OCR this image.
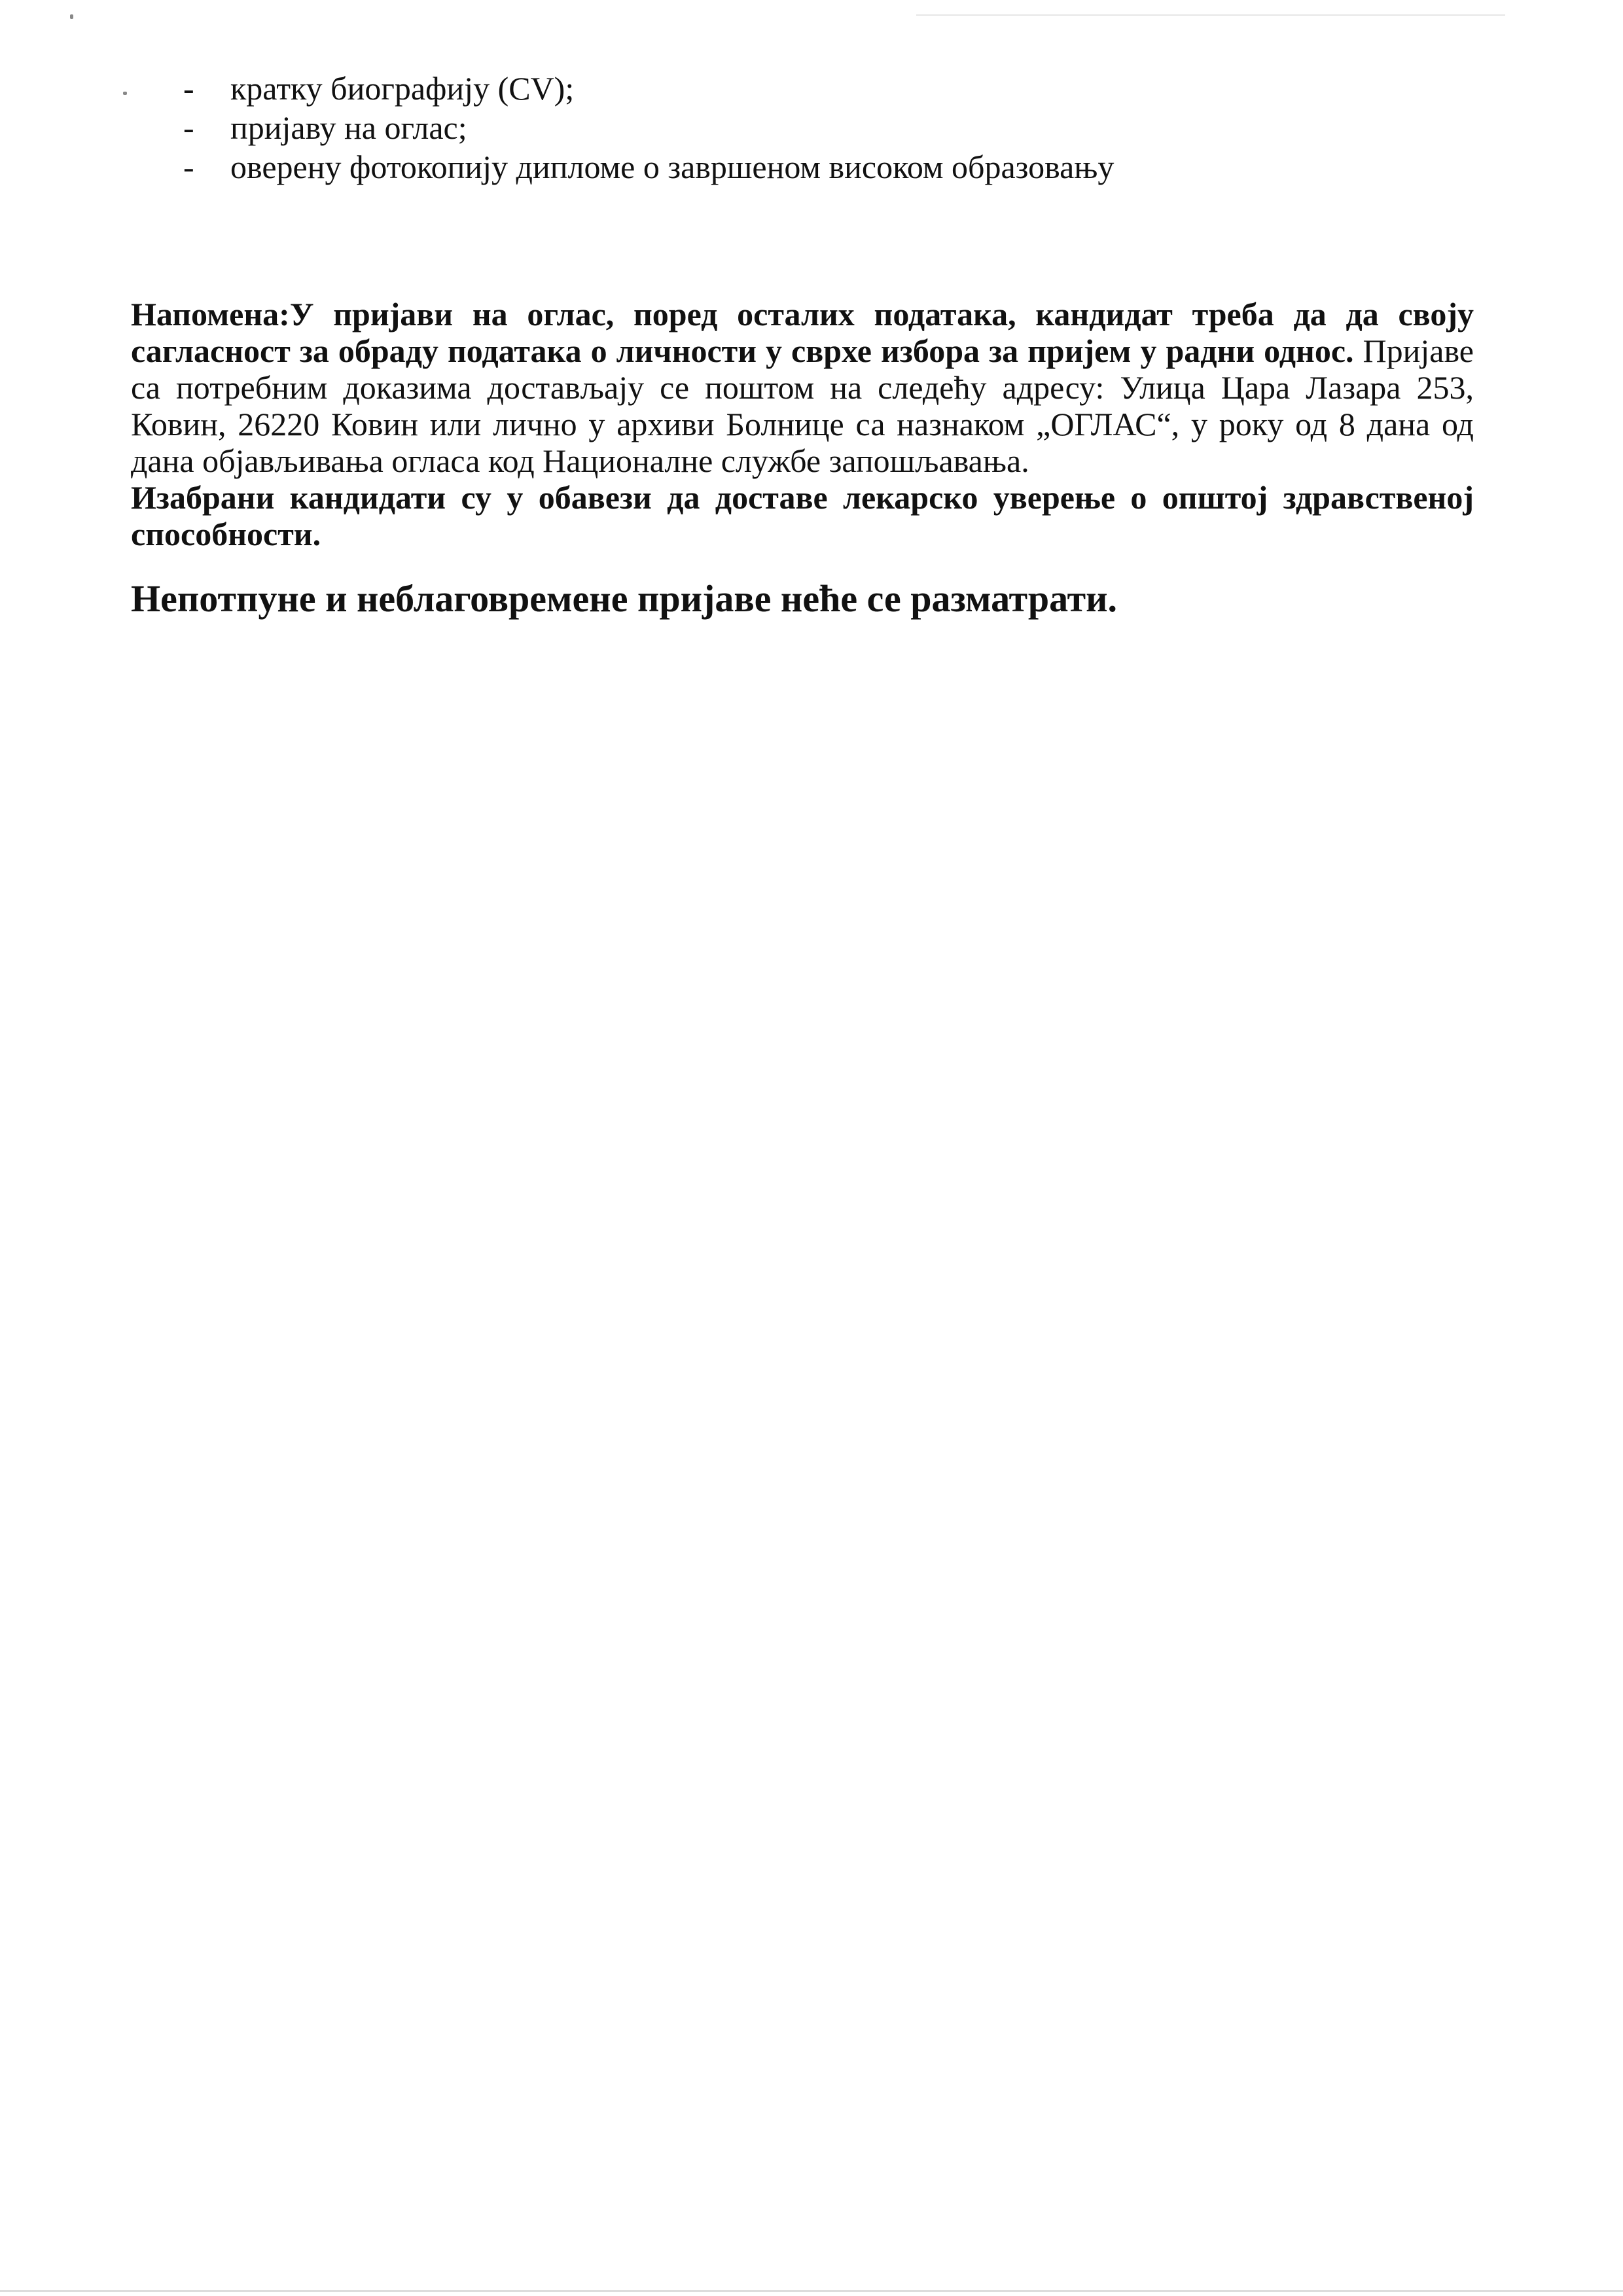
-	кратку биографију (CV);
-	пријаву на оглас;
-	оверену фотокопију дипломе о завршеном високом образовању

Напомена:У пријави на оглас, поред осталих података, кандидат треба да да своју сагласност за обраду података о личности у сврхе избора за пријем у радни однос. Пријаве са потребним доказима достављају се поштом на следећу адресу: Улица Цара Лазара 253, Ковин, 26220 Ковин или лично у архиви Болнице са назнаком „ОГЛАС“, у року од 8 дана од дана објављивања огласа код Националне службе запошљавања.

Изабрани кандидати су у обавези да доставе лекарско уверење о општој здравственој способности.

Непотпуне и неблаговремене пријаве неће се разматрати.
